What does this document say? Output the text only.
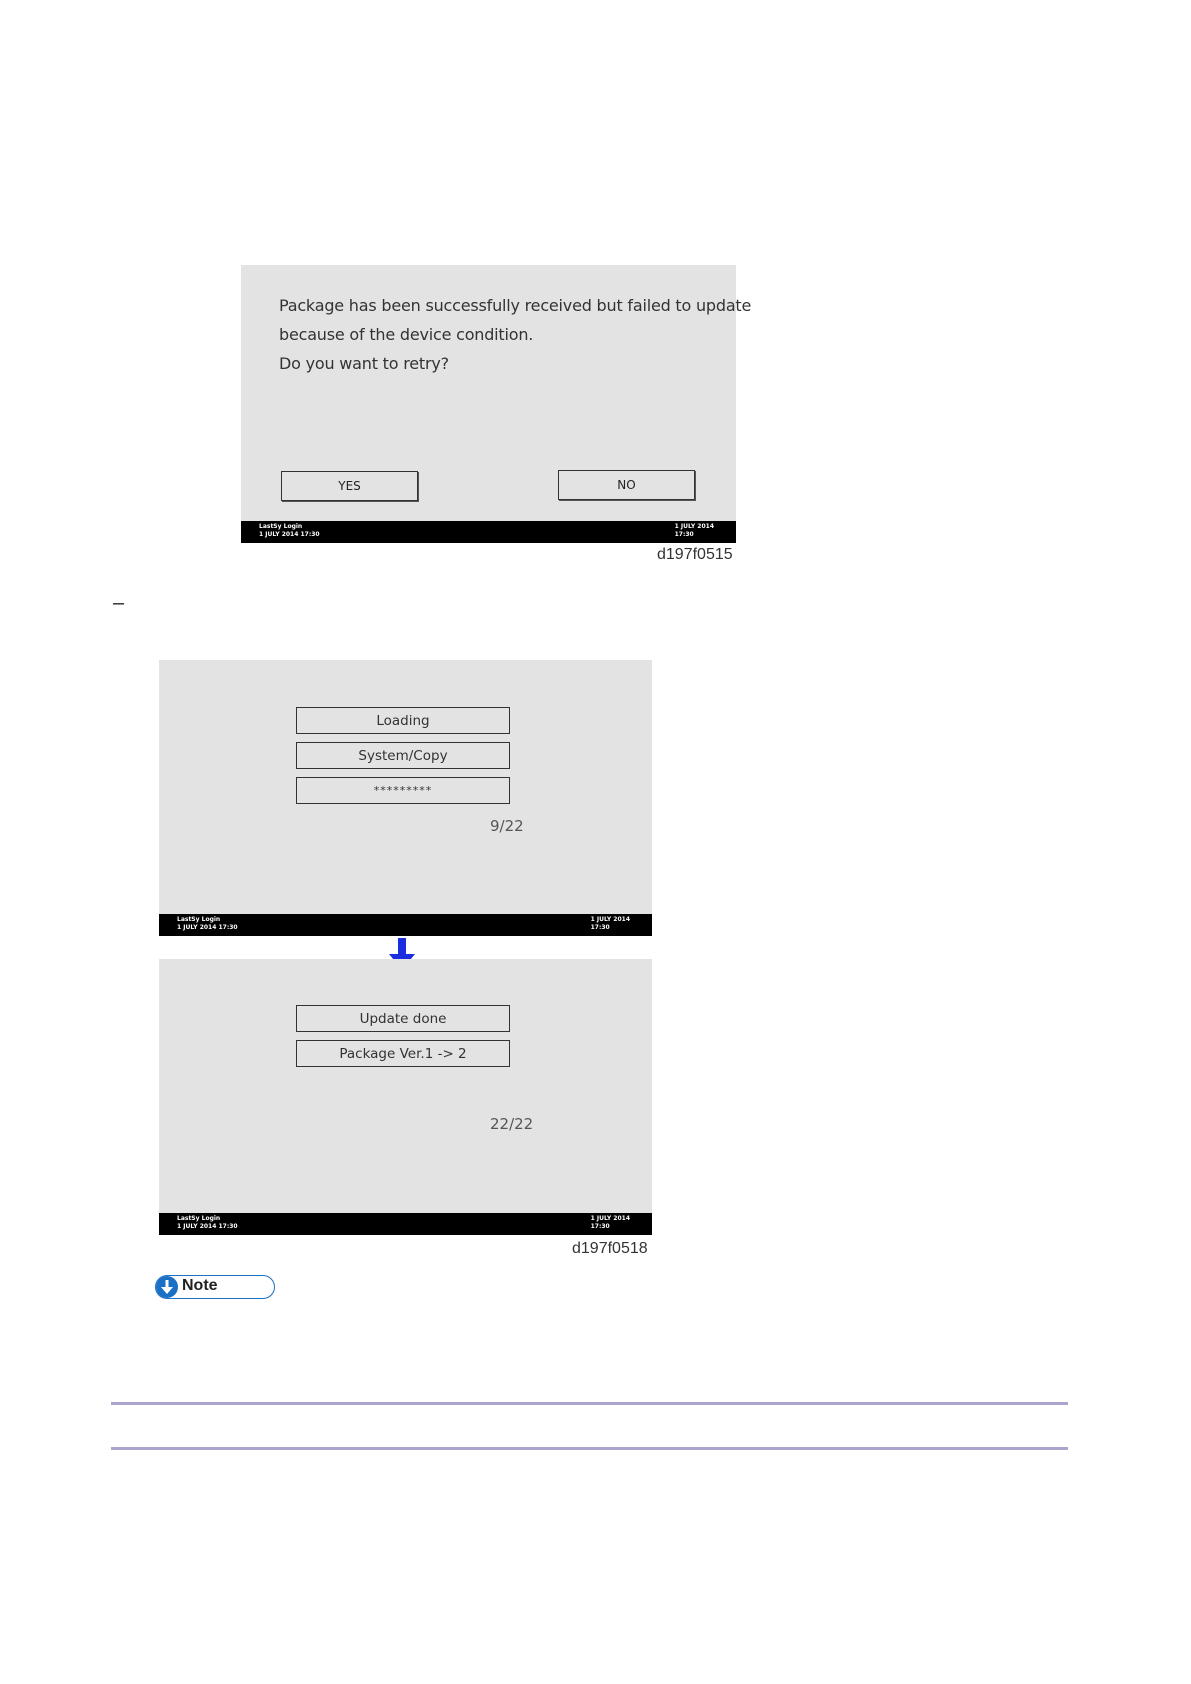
Package has been successfully received but failed to update
because of the device condition.
Do you want to retry?
YES	NO
LastSy Login
1 JULY 2014 17:30
1 JULY 2014
17:30
d197f0515
–
Loading
System/Copy
*********
9/22
LastSy Login
1 JULY 2014 17:30
1 JULY 2014
17:30
Update done
Package Ver.1 -> 2
22/22
LastSy Login
1 JULY 2014 17:30
1 JULY 2014
17:30
d197f0518
Note
